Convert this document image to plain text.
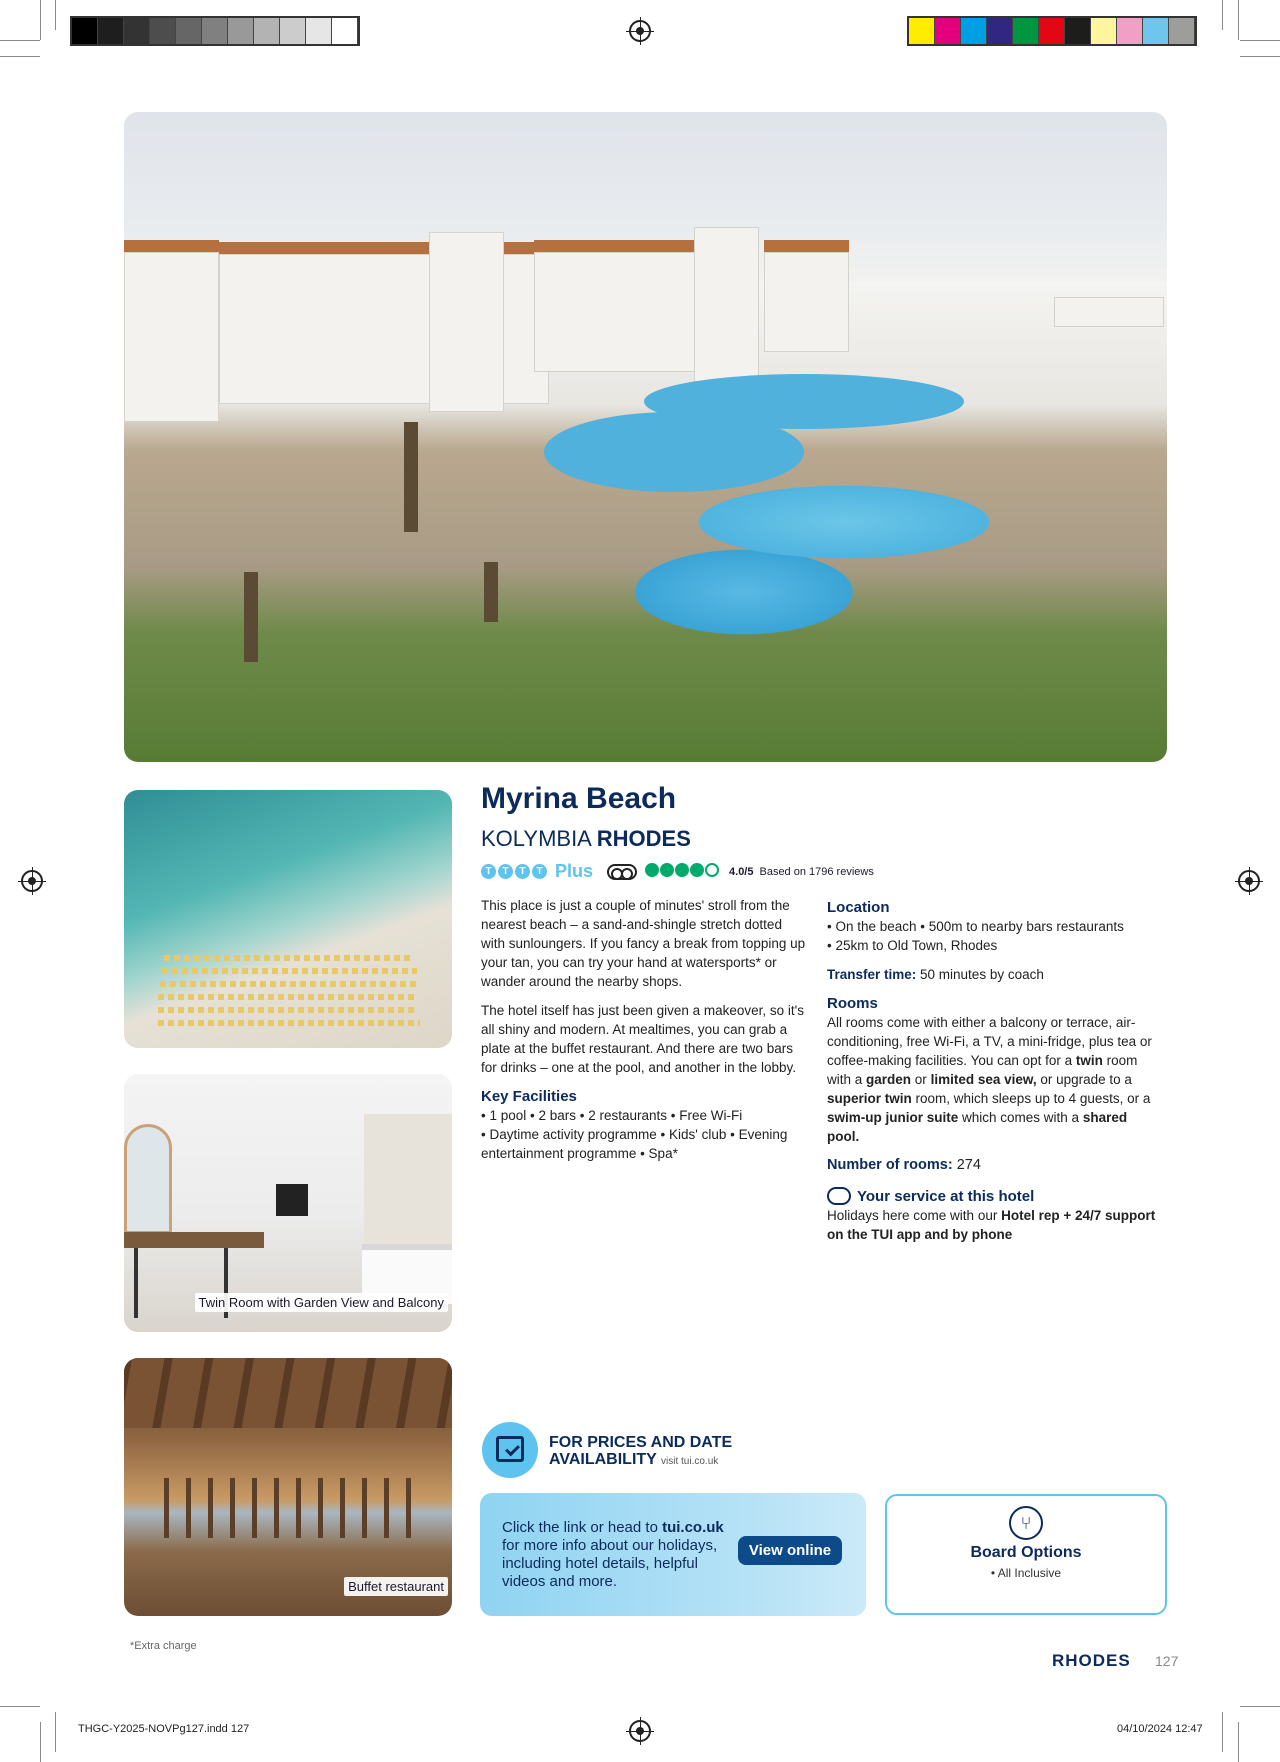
Twin Room with Garden View and Balcony
Buffet restaurant
Myrina Beach
KOLYMBIA RHODES
T T T T Plus	4.0/5 Based on 1796 reviews

This place is just a couple of minutes' stroll from the nearest beach – a sand-and-shingle stretch dotted with sunloungers. If you fancy a break from topping up your tan, you can try your hand at watersports* or wander around the nearby shops.

The hotel itself has just been given a makeover, so it's all shiny and modern. At mealtimes, you can grab a plate at the buffet restaurant. And there are two bars for drinks – one at the pool, and another in the lobby.

Key Facilities
• 1 pool • 2 bars • 2 restaurants • Free Wi-Fi
• Daytime activity programme • Kids' club • Evening entertainment programme • Spa*
Location
• On the beach • 500m to nearby bars restaurants
• 25km to Old Town, Rhodes
Transfer time: 50 minutes by coach
Rooms
All rooms come with either a balcony or terrace, air-conditioning, free Wi-Fi, a TV, a mini-fridge, plus tea or coffee-making facilities. You can opt for a twin room with a garden or limited sea view, or upgrade to a superior twin room, which sleeps up to 4 guests, or a swim-up junior suite which comes with a shared pool.
Number of rooms: 274
Your service at this hotel
Holidays here come with our Hotel rep + 24/7 support on the TUI app and by phone
FOR PRICES AND DATE
AVAILABILITY visit tui.co.uk
Click the link or head to tui.co.uk for more info about our holidays, including hotel details, helpful videos and more.
View online
⑂
Board Options
• All Inclusive
*Extra charge
RHODES 127
THGC-Y2025-NOVPg127.indd 127	04/10/2024 12:47
